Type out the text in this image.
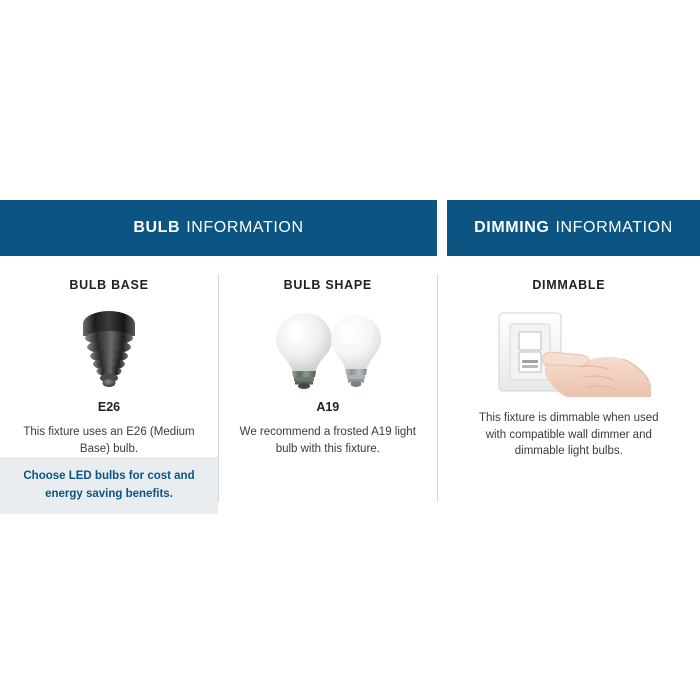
BULB INFORMATION	DIMMING INFORMATION
BULB BASE
E26
This fixture uses an E26 (Medium Base) bulb.
Choose LED bulbs for cost and energy saving benefits.
BULB SHAPE
A19
We recommend a frosted A19 light bulb with this fixture.
DIMMABLE
This fixture is dimmable when used with compatible wall dimmer and dimmable light bulbs.
